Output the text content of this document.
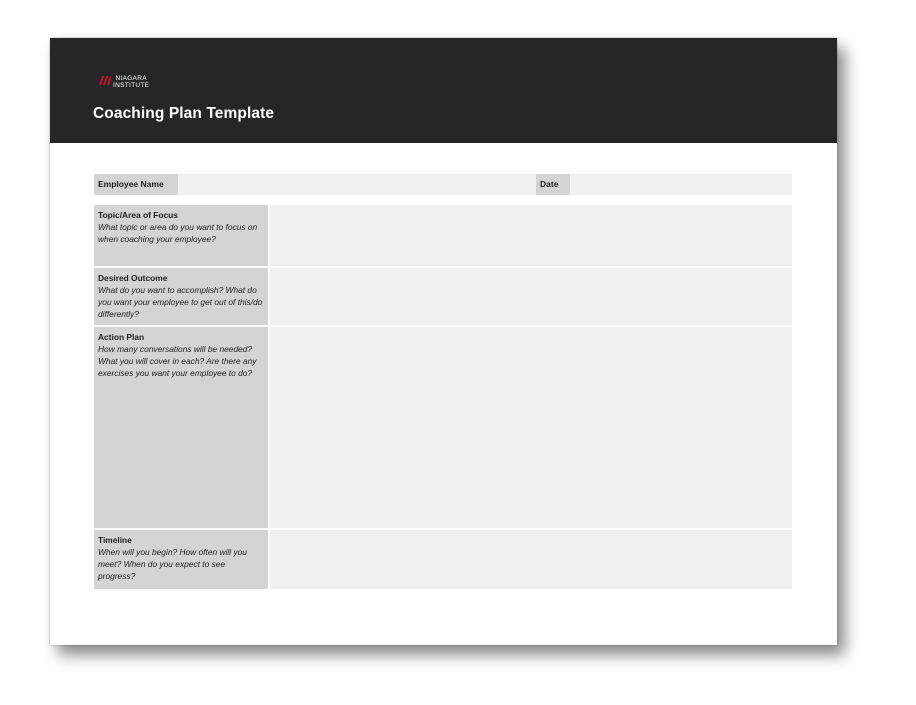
NIAGARA
INSTITUTE
Coaching Plan Template
Employee Name	Date
Topic/Area of Focus
What topic or area do you want to focus on when coaching your employee?
Desired Outcome
What do you want to accomplish? What do you want your employee to get out of this/do differently?
Action Plan
How many conversations will be needed? What you will cover in each? Are there any exercises you want your employee to do?
Timeline
When will you begin? How often will you meet? When do you expect to see progress?
